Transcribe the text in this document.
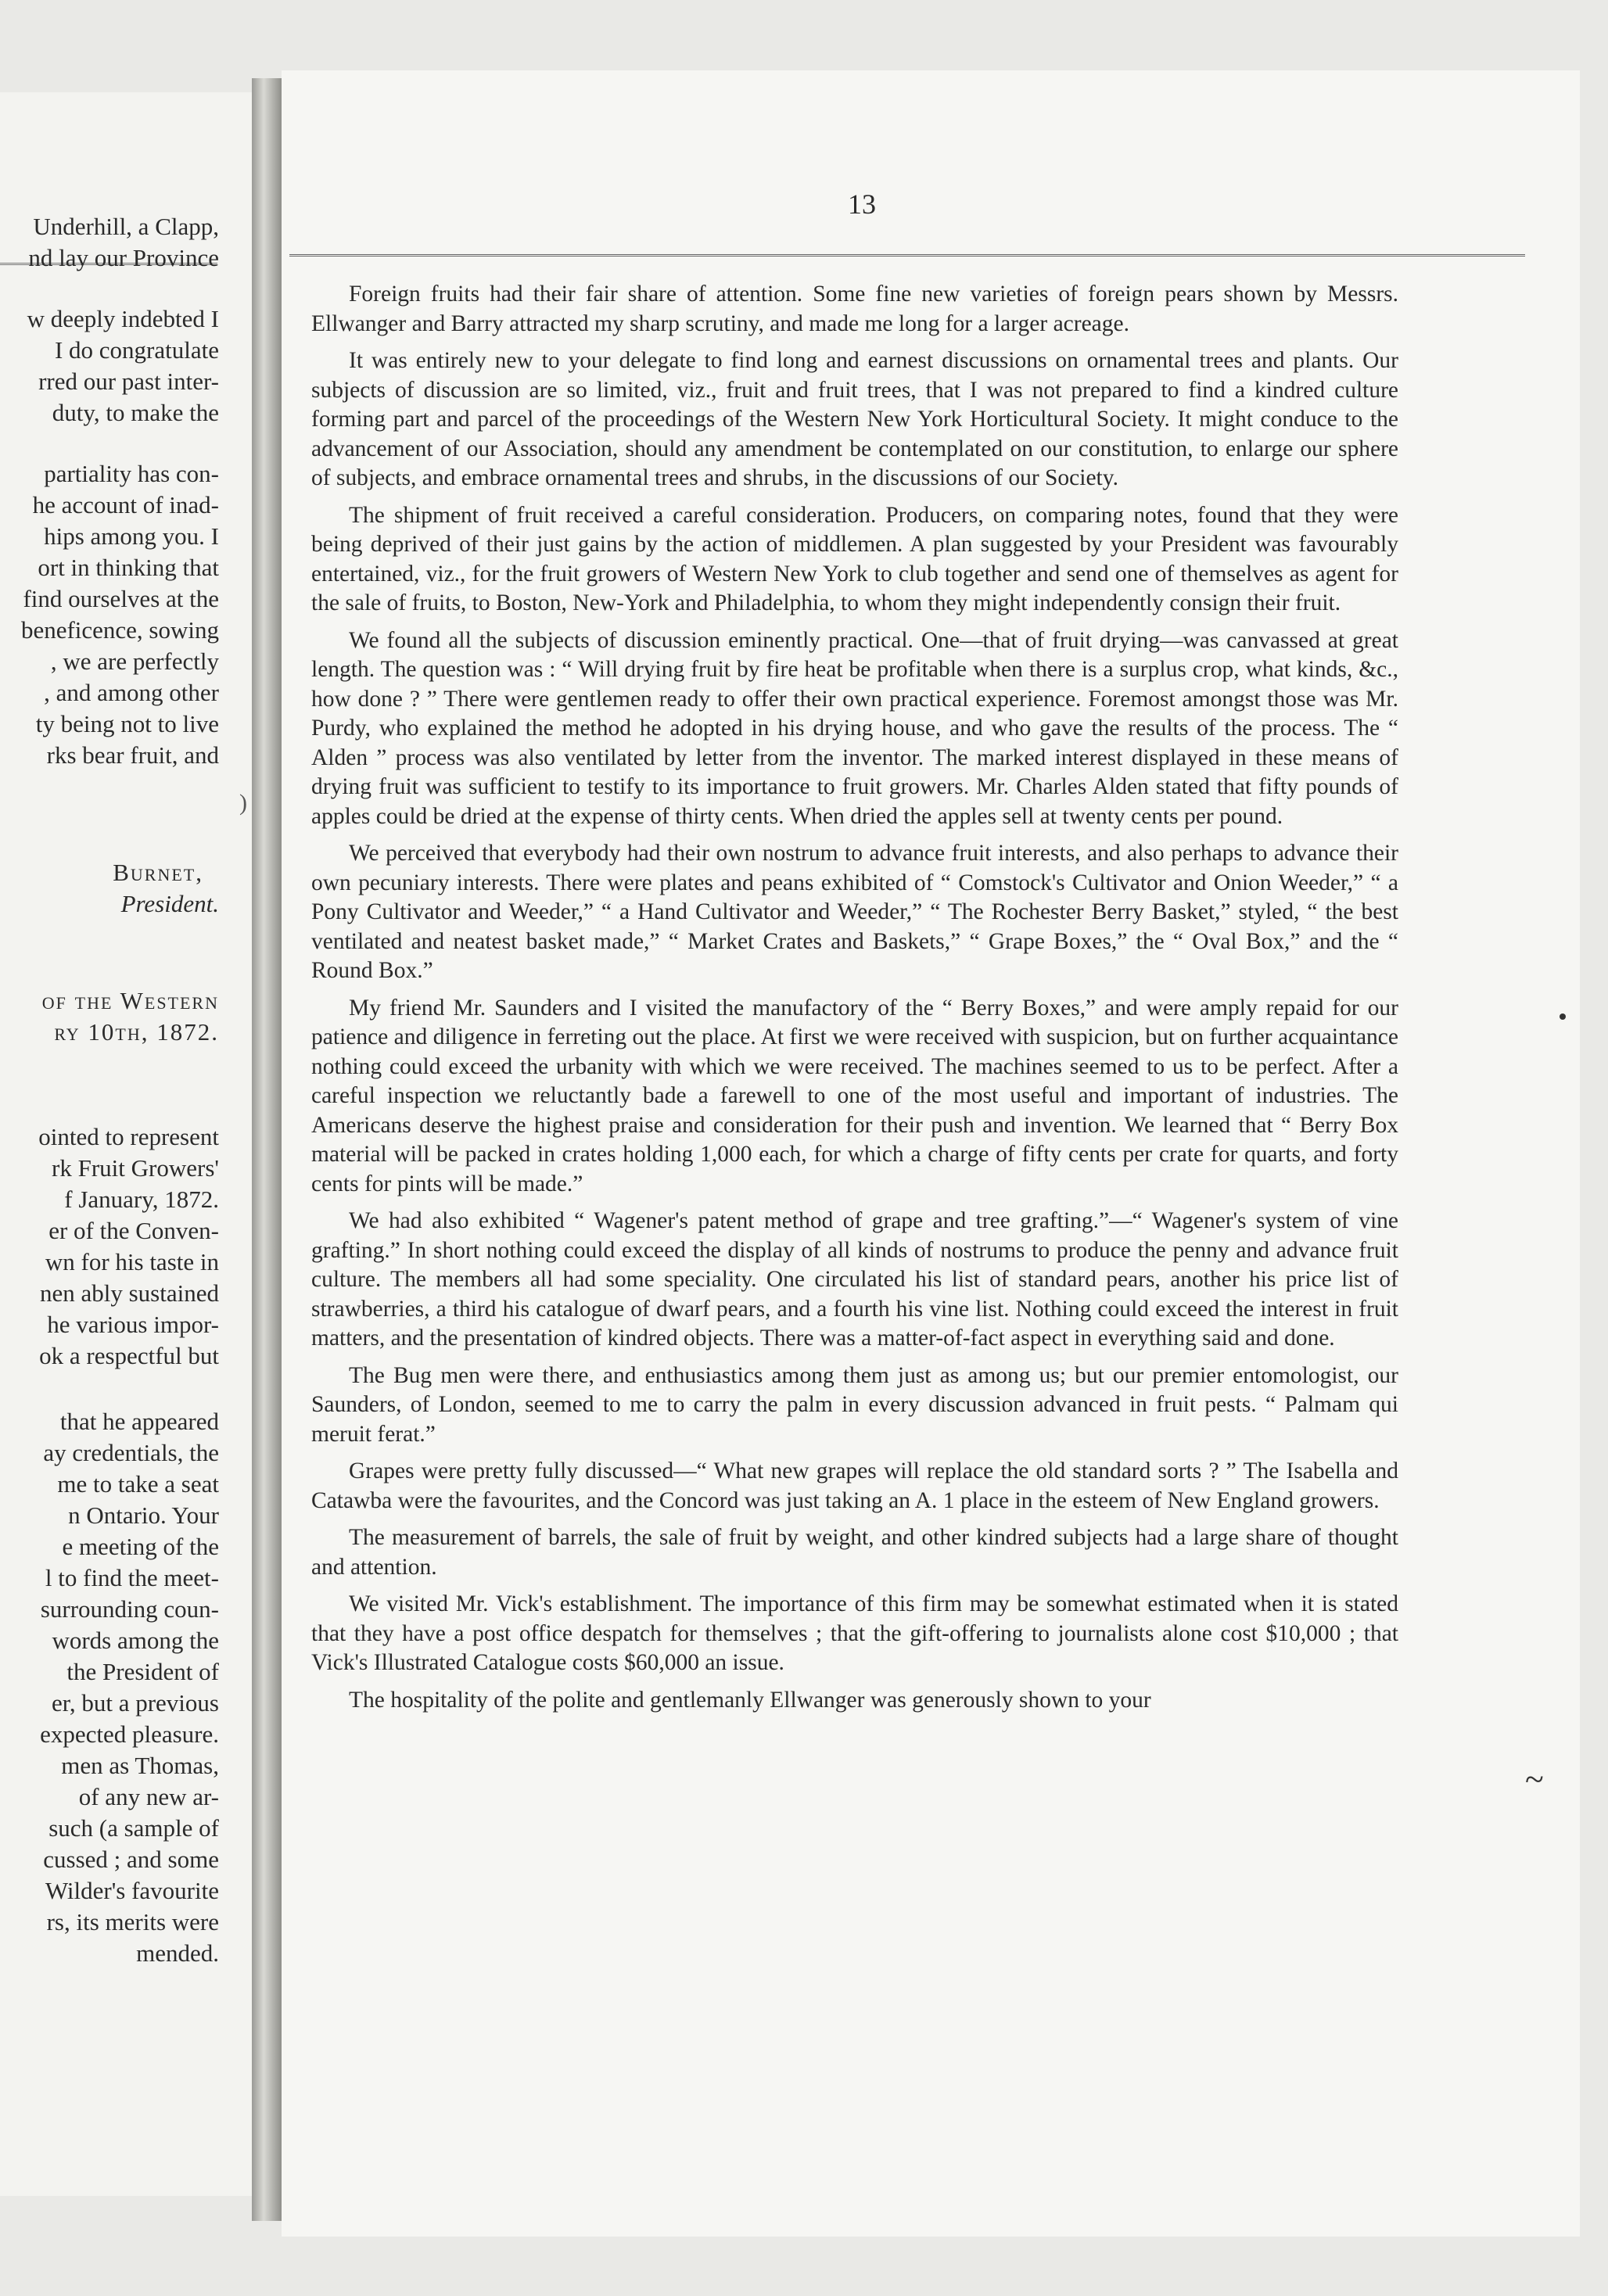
Underhill, a Clapp,
nd lay our Province
w deeply indebted I
I do congratulate
rred our past inter-
duty, to make the
partiality has con-
he account of inad-
hips among you. I
ort in thinking that
find ourselves at the
beneficence, sowing
, we are perfectly
, and among other
ty being not to live
rks bear fruit, and
Burnet,
President.
of the Western
ry 10th, 1872.
ointed to represent
rk Fruit Growers'
f January, 1872.
er of the Conven-
wn for his taste in
nen ably sustained
he various impor-
ok a respectful but
that he appeared
ay credentials, the
me to take a seat
n Ontario. Your
e meeting of the
l to find the meet-
surrounding coun-
words among the
the President of
er, but a previous
expected pleasure.
men as Thomas,
of any new ar-
such (a sample of
cussed ; and some
Wilder's favourite
rs, its merits were
mended.
)
13

Foreign fruits had their fair share of attention. Some fine new varieties of foreign pears shown by Messrs. Ellwanger and Barry attracted my sharp scrutiny, and made me long for a larger acreage.

It was entirely new to your delegate to find long and earnest discussions on ornamental trees and plants. Our subjects of discussion are so limited, viz., fruit and fruit trees, that I was not prepared to find a kindred culture forming part and parcel of the proceedings of the Western New York Horticultural Society. It might conduce to the advancement of our Association, should any amendment be contemplated on our constitution, to enlarge our sphere of subjects, and embrace ornamental trees and shrubs, in the discussions of our Society.

The shipment of fruit received a careful consideration. Producers, on comparing notes, found that they were being deprived of their just gains by the action of middlemen. A plan suggested by your President was favourably entertained, viz., for the fruit growers of Western New York to club together and send one of themselves as agent for the sale of fruits, to Boston, New-York and Philadelphia, to whom they might independently consign their fruit.

We found all the subjects of discussion eminently practical. One—that of fruit drying—was canvassed at great length. The question was : “ Will drying fruit by fire heat be profitable when there is a surplus crop, what kinds, &c., how done ? ” There were gentlemen ready to offer their own practical experience. Foremost amongst those was Mr. Purdy, who explained the method he adopted in his drying house, and who gave the results of the process. The “ Alden ” process was also ventilated by letter from the inventor. The marked interest displayed in these means of drying fruit was sufficient to testify to its importance to fruit growers. Mr. Charles Alden stated that fifty pounds of apples could be dried at the expense of thirty cents. When dried the apples sell at twenty cents per pound.

We perceived that everybody had their own nostrum to advance fruit interests, and also perhaps to advance their own pecuniary interests. There were plates and peans exhibited of “ Comstock's Cultivator and Onion Weeder,” “ a Pony Cultivator and Weeder,” “ a Hand Cultivator and Weeder,” “ The Rochester Berry Basket,” styled, “ the best ventilated and neatest basket made,” “ Market Crates and Baskets,” “ Grape Boxes,” the “ Oval Box,” and the “ Round Box.”

My friend Mr. Saunders and I visited the manufactory of the “ Berry Boxes,” and were amply repaid for our patience and diligence in ferreting out the place. At first we were received with suspicion, but on further acquaintance nothing could exceed the urbanity with which we were received. The machines seemed to us to be perfect. After a careful inspection we reluctantly bade a farewell to one of the most useful and important of industries. The Americans deserve the highest praise and consideration for their push and invention. We learned that “ Berry Box material will be packed in crates holding 1,000 each, for which a charge of fifty cents per crate for quarts, and forty cents for pints will be made.”

We had also exhibited “ Wagener's patent method of grape and tree grafting.”—“ Wagener's system of vine grafting.” In short nothing could exceed the display of all kinds of nostrums to produce the penny and advance fruit culture. The members all had some speciality. One circulated his list of standard pears, another his price list of strawberries, a third his catalogue of dwarf pears, and a fourth his vine list. Nothing could exceed the interest in fruit matters, and the presentation of kindred objects. There was a matter-of-fact aspect in everything said and done.

The Bug men were there, and enthusiastics among them just as among us; but our premier entomologist, our Saunders, of London, seemed to me to carry the palm in every discussion advanced in fruit pests. “ Palmam qui meruit ferat.”

Grapes were pretty fully discussed—“ What new grapes will replace the old standard sorts ? ” The Isabella and Catawba were the favourites, and the Concord was just taking an A. 1 place in the esteem of New England growers.

The measurement of barrels, the sale of fruit by weight, and other kindred subjects had a large share of thought and attention.

We visited Mr. Vick's establishment. The importance of this firm may be somewhat estimated when it is stated that they have a post office despatch for themselves ; that the gift-offering to journalists alone cost $10,000 ; that Vick's Illustrated Catalogue costs $60,000 an issue.

The hospitality of the polite and gentlemanly Ellwanger was generously shown to your

~
